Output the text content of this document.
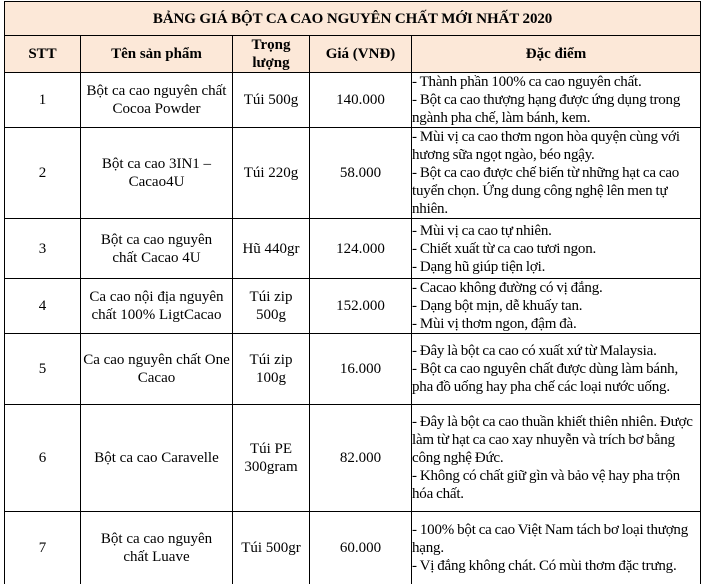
BẢNG GIÁ BỘT CA CAO NGUYÊN CHẤT MỚI NHẤT 2020				
STT	Tên sản phẩm	Trọng lượng	Giá (VNĐ)	Đặc điểm
1	Bột ca cao nguyên chất Cocoa Powder	Túi 500g	140.000	- Thành phần 100% ca cao nguyên chất.
- Bột ca cao thượng hạng được ứng dụng trong ngành pha chế, làm bánh, kem.

2	Bột ca cao 3IN1 – Cacao4U	Túi 220g	58.000	- Mùi vị ca cao thơm ngon hòa quyện cùng với hương sữa ngọt ngào, béo ngậy.
- Bột ca cao được chế biến từ những hạt ca cao tuyển chọn. Ứng dung công nghệ lên men tự nhiên.

3	Bột ca cao nguyên chất Cacao 4U	Hũ 440gr	124.000	- Mùi vị ca cao tự nhiên.
- Chiết xuất từ ca cao tươi ngon.
- Dạng hũ giúp tiện lợi.

4	Ca cao nội địa nguyên chất 100% LigtCacao	Túi zip 500g	152.000	- Cacao không đường có vị đắng.
- Dạng bột mịn, dễ khuấy tan.
- Mùi vị thơm ngon, đậm đà.

5	Ca cao nguyên chất One Cacao	Túi zip 100g	16.000	- Đây là bột ca cao có xuất xứ từ Malaysia.
- Bột ca cao nguyên chất được dùng làm bánh, pha đồ uống hay pha chế các loại nước uống.

6	Bột ca cao Caravelle	Túi PE 300gram	82.000	- Đây là bột ca cao thuần khiết thiên nhiên. Được làm từ hạt ca cao xay nhuyễn và trích bơ bằng công nghệ Đức.
- Không có chất giữ gìn và bảo vệ hay pha trộn hóa chất.

7	Bột ca cao nguyên chất Luave	Túi 500gr	60.000	- 100% bột ca cao Việt Nam tách bơ loại thượng hạng.
- Vị đắng không chát. Có mùi thơm đặc trưng.
